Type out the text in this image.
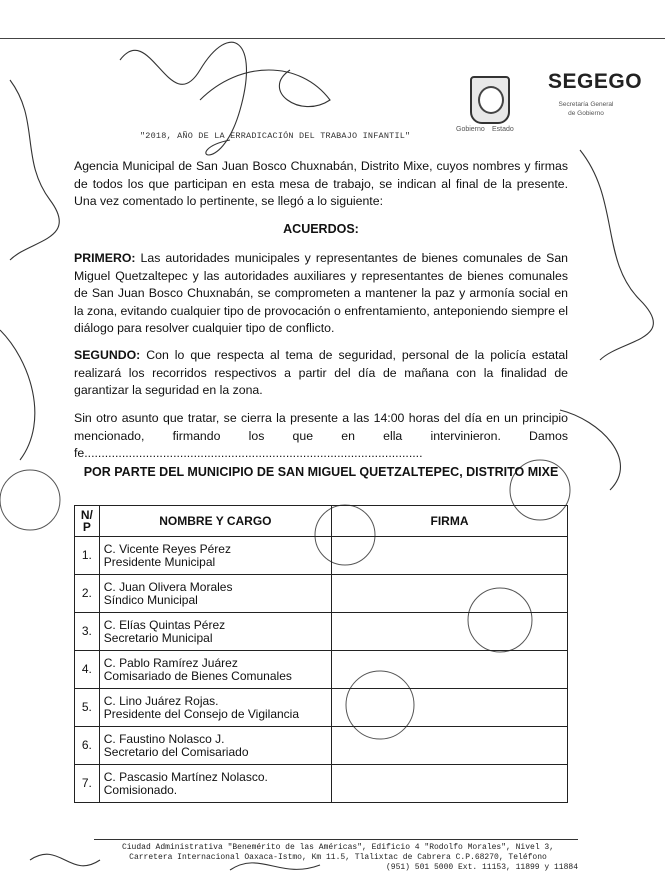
"2018, AÑO DE LA ERRADICACIÓN DEL TRABAJO INFANTIL"
Gobierno	Estado
SEGEGO
Secretaría General de Gobierno
Agencia Municipal de San Juan Bosco Chuxnabán, Distrito Mixe, cuyos nombres y firmas de todos los que participan en esta mesa de trabajo, se indican al final de la presente. Una vez comentado lo pertinente, se llegó a lo siguiente:
ACUERDOS:
PRIMERO: Las autoridades municipales y representantes de bienes comunales de San Miguel Quetzaltepec y las autoridades auxiliares y representantes de bienes comunales de San Juan Bosco Chuxnabán, se comprometen a mantener la paz y armonía social en la zona, evitando cualquier tipo de provocación o enfrentamiento, anteponiendo siempre el diálogo para resolver cualquier tipo de conflicto.
SEGUNDO: Con lo que respecta al tema de seguridad, personal de la policía estatal realizará los recorridos respectivos a partir del día de mañana con la finalidad de garantizar la seguridad en la zona.
Sin otro asunto que tratar, se cierra la presente a las 14:00 horas del día en un principio mencionado, firmando los que en ella intervinieron. Damos fe...................................................................................................
POR PARTE DEL MUNICIPIO DE SAN MIGUEL QUETZALTEPEC, DISTRITO MIXE
N/ P	NOMBRE Y CARGO	FIRMA
1.	C. Vicente Reyes Pérez
Presidente Municipal	

2.	C. Juan Olivera Morales
Síndico Municipal	

3.	C. Elías Quintas Pérez
Secretario Municipal	

4.	C. Pablo Ramírez Juárez
Comisariado de Bienes Comunales	

5.	C. Lino Juárez Rojas.
Presidente del Consejo de Vigilancia	

6.	C. Faustino Nolasco J.
Secretario del Comisariado	

7.	C. Pascasio Martínez Nolasco.
Comisionado.	

Ciudad Administrativa "Benemérito de las Américas", Edificio 4 "Rodolfo Morales", Nivel 3,
Carretera Internacional Oaxaca-Istmo, Km 11.5, Tlalixtac de Cabrera C.P.68270, Teléfono
(951) 501 5000 Ext. 11153, 11899 y 11884
